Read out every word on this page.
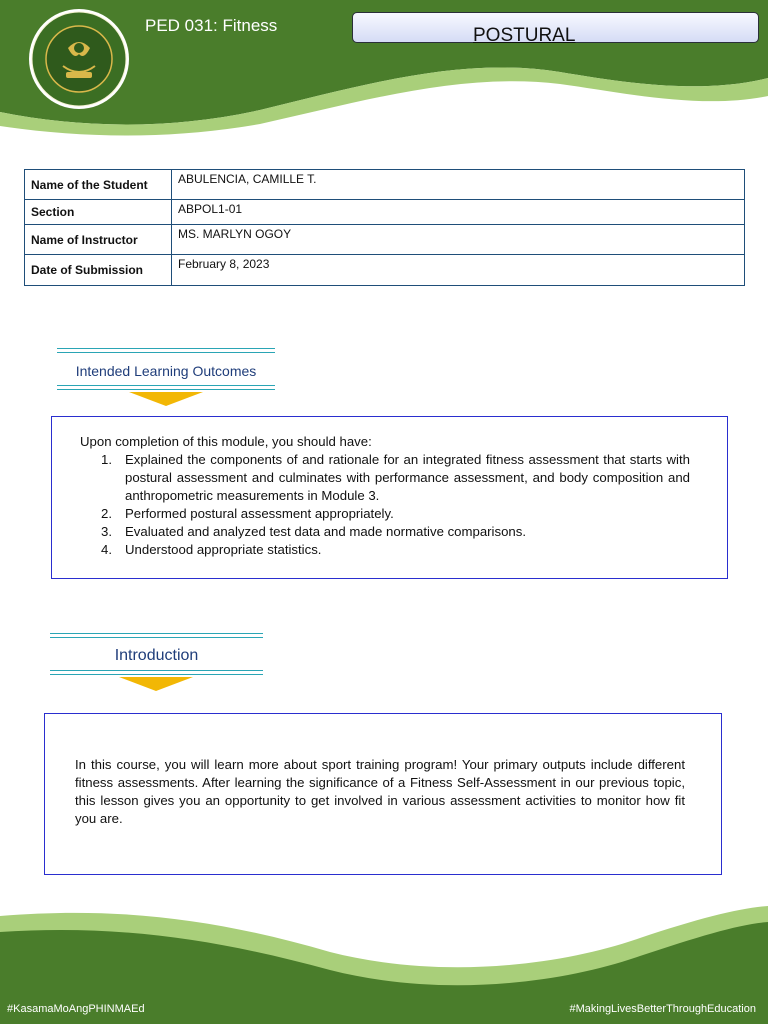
PED 031: Fitness	POSTURAL
Name of the Student	ABULENCIA, CAMILLE T.
Section	ABPOL1-01
Name of Instructor	MS. MARLYN OGOY
Date of Submission	February 8, 2023
Intended Learning Outcomes
Upon completion of this module, you should have:
1. Explained the components of and rationale for an integrated fitness assessment that starts with postural assessment and culminates with performance assessment, and body composition and anthropometric measurements in Module 3.
2. Performed postural assessment appropriately.
3. Evaluated and analyzed test data and made normative comparisons.
4. Understood appropriate statistics.
Introduction
In this course, you will learn more about sport training program! Your primary outputs include different fitness assessments. After learning the significance of a Fitness Self-Assessment in our previous topic, this lesson gives you an opportunity to get involved in various assessment activities to monitor how fit you are.
#KasamaMoAngPHINMAEd	#MakingLivesBetterThroughEducation
